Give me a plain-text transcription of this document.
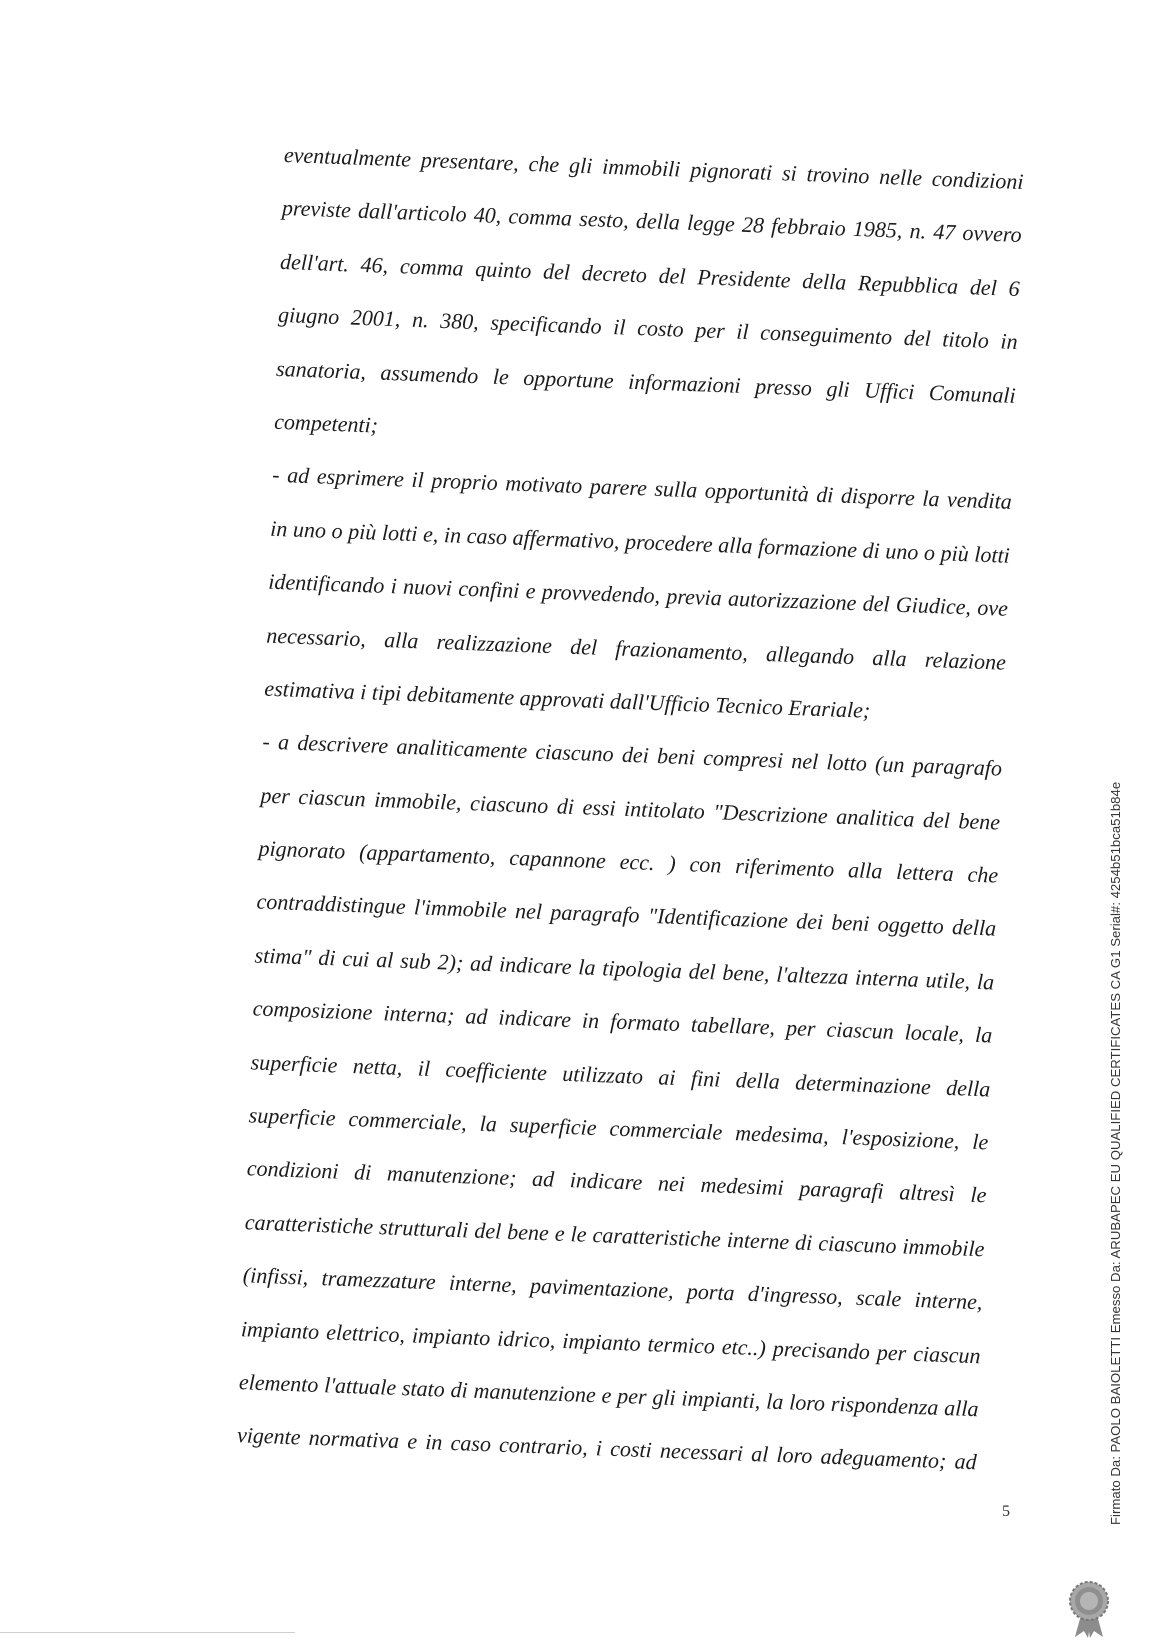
eventualmente presentare, che gli immobili pignorati si trovino nelle condizioni
previste dall'articolo 40, comma sesto, della legge 28 febbraio 1985, n. 47 ovvero
dell'art. 46, comma quinto del decreto del Presidente della Repubblica del 6
giugno 2001, n. 380, specificando il costo per il conseguimento del titolo in
sanatoria, assumendo le opportune informazioni presso gli Uffici Comunali
competenti;
- ad esprimere il proprio motivato parere sulla opportunità di disporre la vendita
in uno o più lotti e, in caso affermativo, procedere alla formazione di uno o più lotti
identificando i nuovi confini e provvedendo, previa autorizzazione del Giudice, ove
necessario, alla realizzazione del frazionamento, allegando alla relazione
estimativa i tipi debitamente approvati dall'Ufficio Tecnico Erariale;
- a descrivere analiticamente ciascuno dei beni compresi nel lotto (un paragrafo
per ciascun immobile, ciascuno di essi intitolato "Descrizione analitica del bene
pignorato (appartamento, capannone ecc. ) con riferimento alla lettera che
contraddistingue l'immobile nel paragrafo "Identificazione dei beni oggetto della
stima" di cui al sub 2); ad indicare la tipologia del bene, l'altezza interna utile, la
composizione interna; ad indicare in formato tabellare, per ciascun locale, la
superficie netta, il coefficiente utilizzato ai fini della determinazione della
superficie commerciale, la superficie commerciale medesima, l'esposizione, le
condizioni di manutenzione; ad indicare nei medesimi paragrafi altresì le
caratteristiche strutturali del bene e le caratteristiche interne di ciascuno immobile
(infissi, tramezzature interne, pavimentazione, porta d'ingresso, scale interne,
impianto elettrico, impianto idrico, impianto termico etc..) precisando per ciascun
elemento l'attuale stato di manutenzione e per gli impianti, la loro rispondenza alla
vigente normativa e in caso contrario, i costi necessari al loro adeguamento; ad
5	Firmato Da: PAOLO BAIOLETTI Emesso Da: ARUBAPEC EU QUALIFIED CERTIFICATES CA G1 Serial#: 4254b51bca51b84e
